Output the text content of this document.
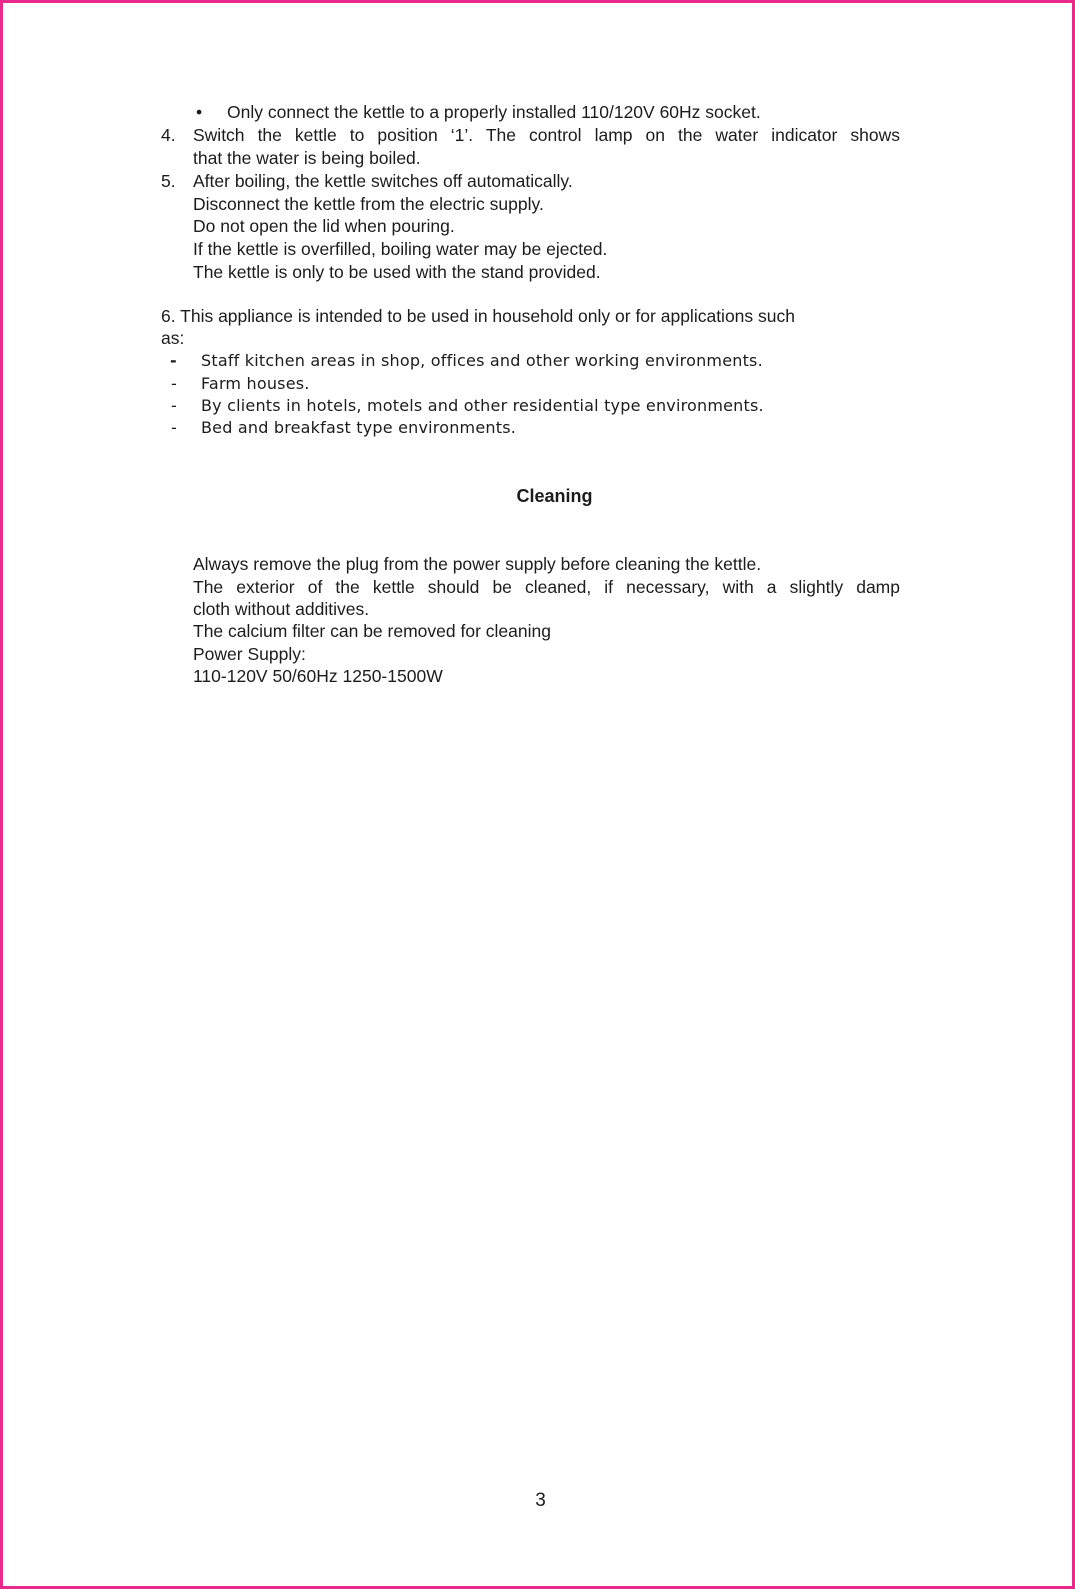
• Only connect the kettle to a properly installed 110/120V 60Hz socket.
4. Switch the kettle to position ‘1’. The control lamp on the water indicator shows
that the water is being boiled.
5. After boiling, the kettle switches off automatically.
Disconnect the kettle from the electric supply.
Do not open the lid when pouring.
If the kettle is overfilled, boiling water may be ejected.
The kettle is only to be used with the stand provided.
6. This appliance is intended to be used in household only or for applications such
as:
- Staff kitchen areas in shop, offices and other working environments.
- Farm houses.
- By clients in hotels, motels and other residential type environments.
- Bed and breakfast type environments.
Cleaning
Always remove the plug from the power supply before cleaning the kettle.
The exterior of the kettle should be cleaned, if necessary, with a slightly damp
cloth without additives.
The calcium filter can be removed for cleaning
Power Supply:
110-120V 50/60Hz 1250-1500W
3
